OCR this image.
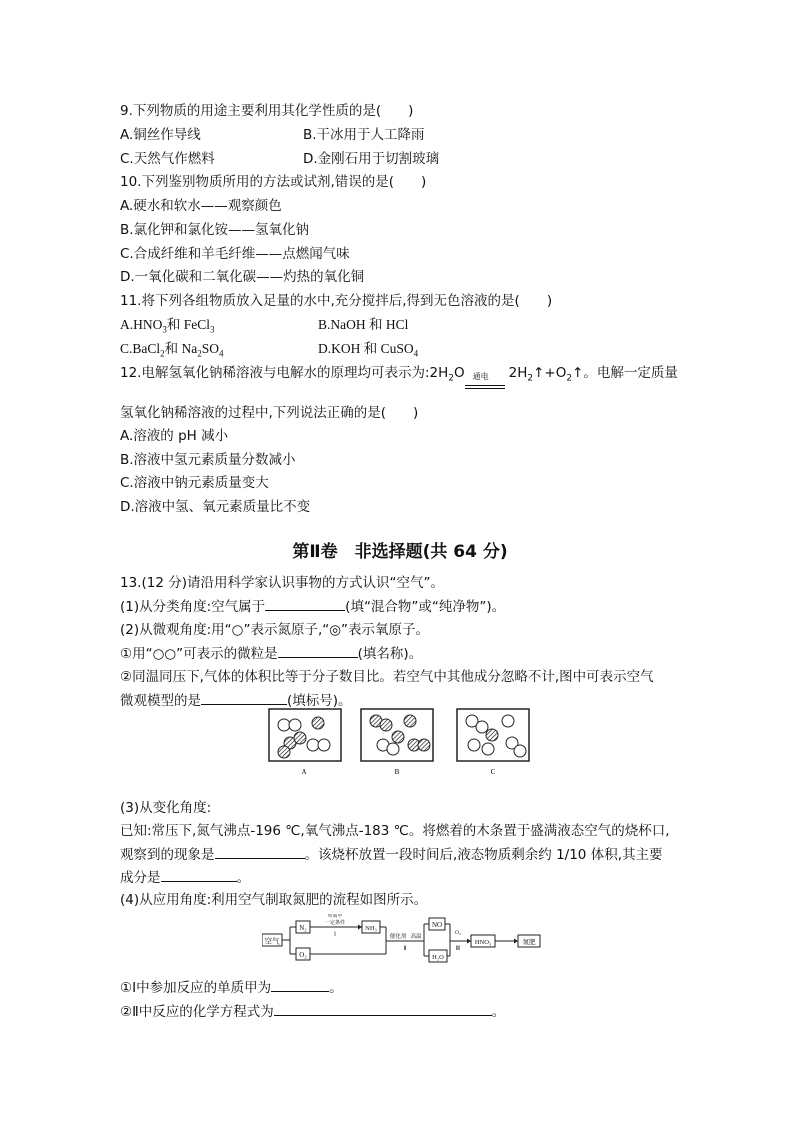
9.下列物质的用途主要利用其化学性质的是(　　)
A.铜丝作导线	B.干冰用于人工降雨
C.天然气作燃料	D.金刚石用于切割玻璃
10.下列鉴别物质所用的方法或试剂,错误的是(　　)
A.硬水和软水——观察颜色
B.氯化钾和氯化铵——氢氧化钠
C.合成纤维和羊毛纤维——点燃闻气味
D.一氧化碳和二氧化碳——灼热的氧化铜
11.将下列各组物质放入足量的水中,充分搅拌后,得到无色溶液的是(　　)
$A.HNO_3$和 FeCl$_3$	B.NaOH 和 HCl
C.BaCl$_2$和 $Na_2SO_4$	D.KOH 和 CuSO$_4$
12.电解氢氧化钠稀溶液与电解水的原理均可表示为$:2H_2O$ 通电 $2H_2↑+O_2↑$。电解一定质量
氢氧化钠稀溶液的过程中,下列说法正确的是(　　)
A.溶液的 pH 减小
B.溶液中氢元素质量分数减小
C.溶液中钠元素质量变大
D.溶液中氢、氧元素质量比不变
第Ⅱ卷　非选择题(共 64 分)
13.(12 分)请沿用科学家认识事物的方式认识“空气”。
(1)从分类角度:空气属于	(填“混合物”或“纯净物”)。
(2)从微观角度:用“○”表示氮原子,“◎”表示氧原子。
①用“○○”可表示的微粒是	(填名称)。
②同温同压下,气体的体积比等于分子数目比。若空气中其他成分忽略不计,图中可表示空气
微观模型的是	(填标号)。
A	B	C
(3)从变化角度:
已知:常压下,氮气沸点-196 ℃,氧气沸点-183 ℃。将燃着的木条置于盛满液态空气的烧杯口,
观察到的现象是	。该烧杯放置一段时间后,液态物质剩余约 1/10 体积,其主要
成分是	。
(4)从应用角度:利用空气制取氮肥的流程如图所示。
空气
N₂
O₂
单质甲
一定条件
Ⅰ
NH₃
催化剂 高温
Ⅱ
NO
H₂O
O₂
Ⅲ
HNO₃	氮肥
①Ⅰ中参加反应的单质甲为	。
②Ⅱ中反应的化学方程式为	。
